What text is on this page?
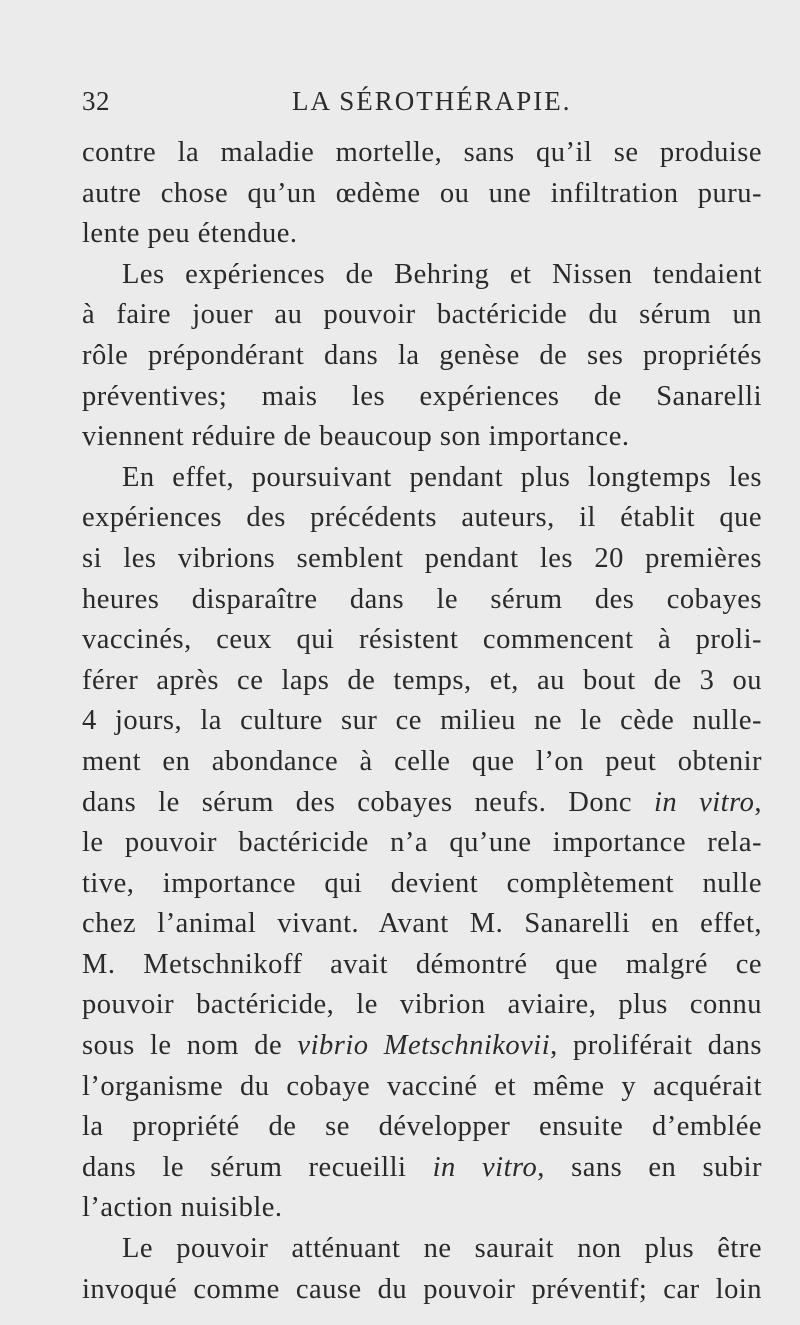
32	LA SÉROTHÉRAPIE.
contre la maladie mortelle, sans qu’il se produise
autre chose qu’un œdème ou une infiltration puru-
lente peu étendue.
Les expériences de Behring et Nissen tendaient
à faire jouer au pouvoir bactéricide du sérum un
rôle prépondérant dans la genèse de ses propriétés
préventives; mais les expériences de Sanarelli
viennent réduire de beaucoup son importance.
En effet, poursuivant pendant plus longtemps les
expériences des précédents auteurs, il établit que
si les vibrions semblent pendant les 20 premières
heures disparaître dans le sérum des cobayes
vaccinés, ceux qui résistent commencent à proli-
férer après ce laps de temps, et, au bout de 3 ou
4 jours, la culture sur ce milieu ne le cède nulle-
ment en abondance à celle que l’on peut obtenir
dans le sérum des cobayes neufs. Donc in vitro,
le pouvoir bactéricide n’a qu’une importance rela-
tive, importance qui devient complètement nulle
chez l’animal vivant. Avant M. Sanarelli en effet,
M. Metschnikoff avait démontré que malgré ce
pouvoir bactéricide, le vibrion aviaire, plus connu
sous le nom de vibrio Metschnikovii, proliférait dans
l’organisme du cobaye vacciné et même y acquérait
la propriété de se développer ensuite d’emblée
dans le sérum recueilli in vitro, sans en subir
l’action nuisible.
Le pouvoir atténuant ne saurait non plus être
invoqué comme cause du pouvoir préventif; car loin
